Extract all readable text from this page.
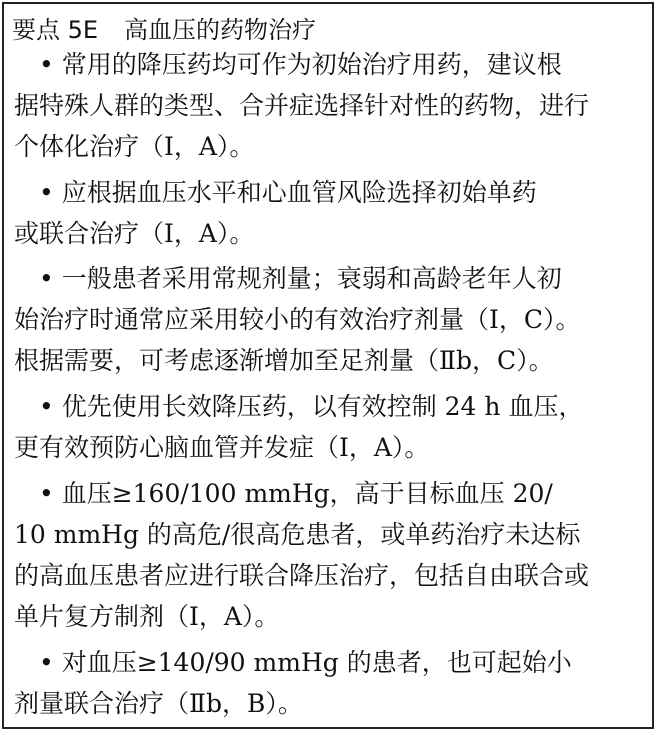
要点 5E 高血压的药物治疗
　• 常用的降压药均可作为初始治疗用药，建议根
据特殊人群的类型、合并症选择针对性的药物，进行
个体化治疗（Ⅰ，A）。
　• 应根据血压水平和心血管风险选择初始单药
或联合治疗（Ⅰ，A）。
　• 一般患者采用常规剂量；衰弱和高龄老年人初
始治疗时通常应采用较小的有效治疗剂量（Ⅰ，C）。
根据需要，可考虑逐渐增加至足剂量（Ⅱb，C）。
　• 优先使用长效降压药，以有效控制 24 h 血压，
更有效预防心脑血管并发症（Ⅰ，A）。
　• 血压≥160/100 mmHg，高于目标血压 20/
10 mmHg 的高危/很高危患者，或单药治疗未达标
的高血压患者应进行联合降压治疗，包括自由联合或
单片复方制剂（Ⅰ，A）。
　• 对血压≥140/90 mmHg 的患者，也可起始小
剂量联合治疗（Ⅱb，B）。
